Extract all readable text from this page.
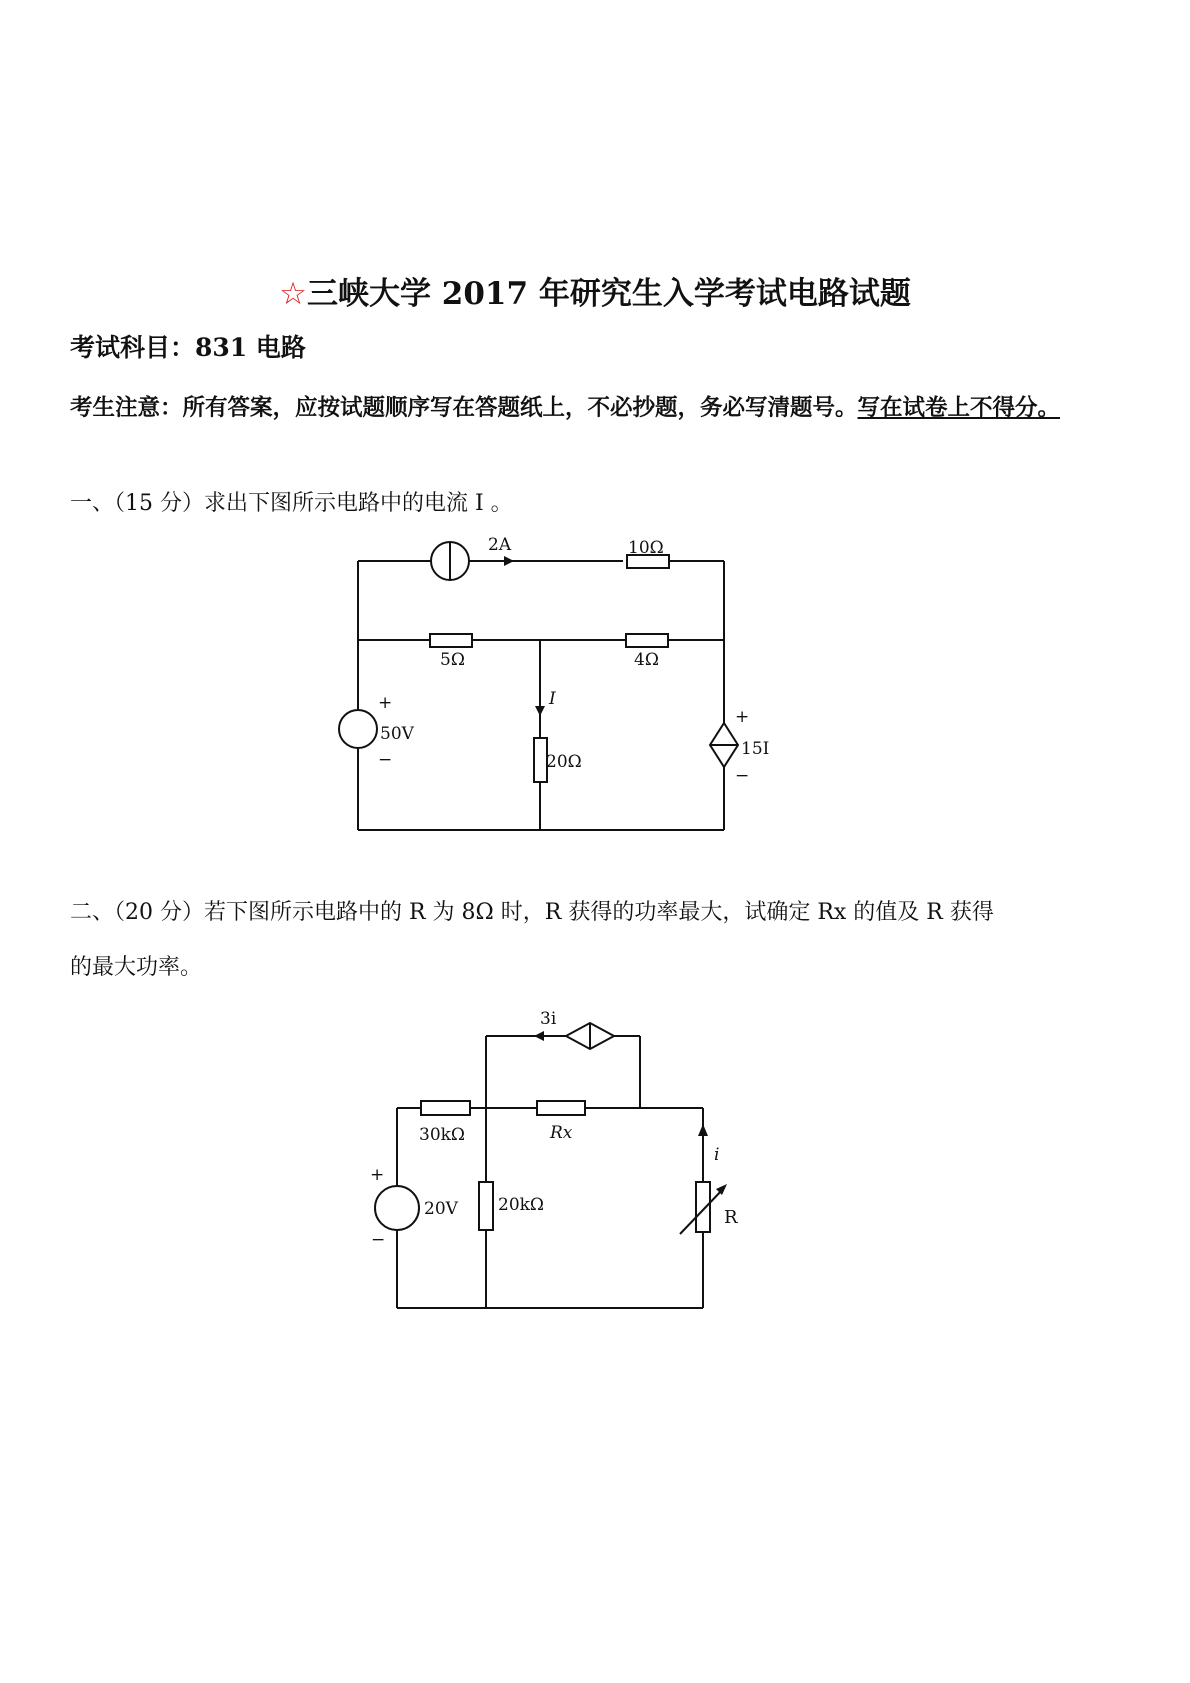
☆三峡大学 2017 年研究生入学考试电路试题
考试科目：831 电路
考生注意：所有答案，应按试题顺序写在答题纸上，不必抄题，务必写清题号。写在试卷上不得分。
一、（15 分）求出下图所示电路中的电流 I 。
2A	10Ω
5Ω	4Ω
I
20Ω
+
50V
−
+
15I
−
二、（20 分）若下图所示电路中的 R 为 8Ω 时，R 获得的功率最大，试确定 Rx 的值及 R 获得
的最大功率。
3i
30kΩ	Rx
i
20kΩ
R
+
20V
−
